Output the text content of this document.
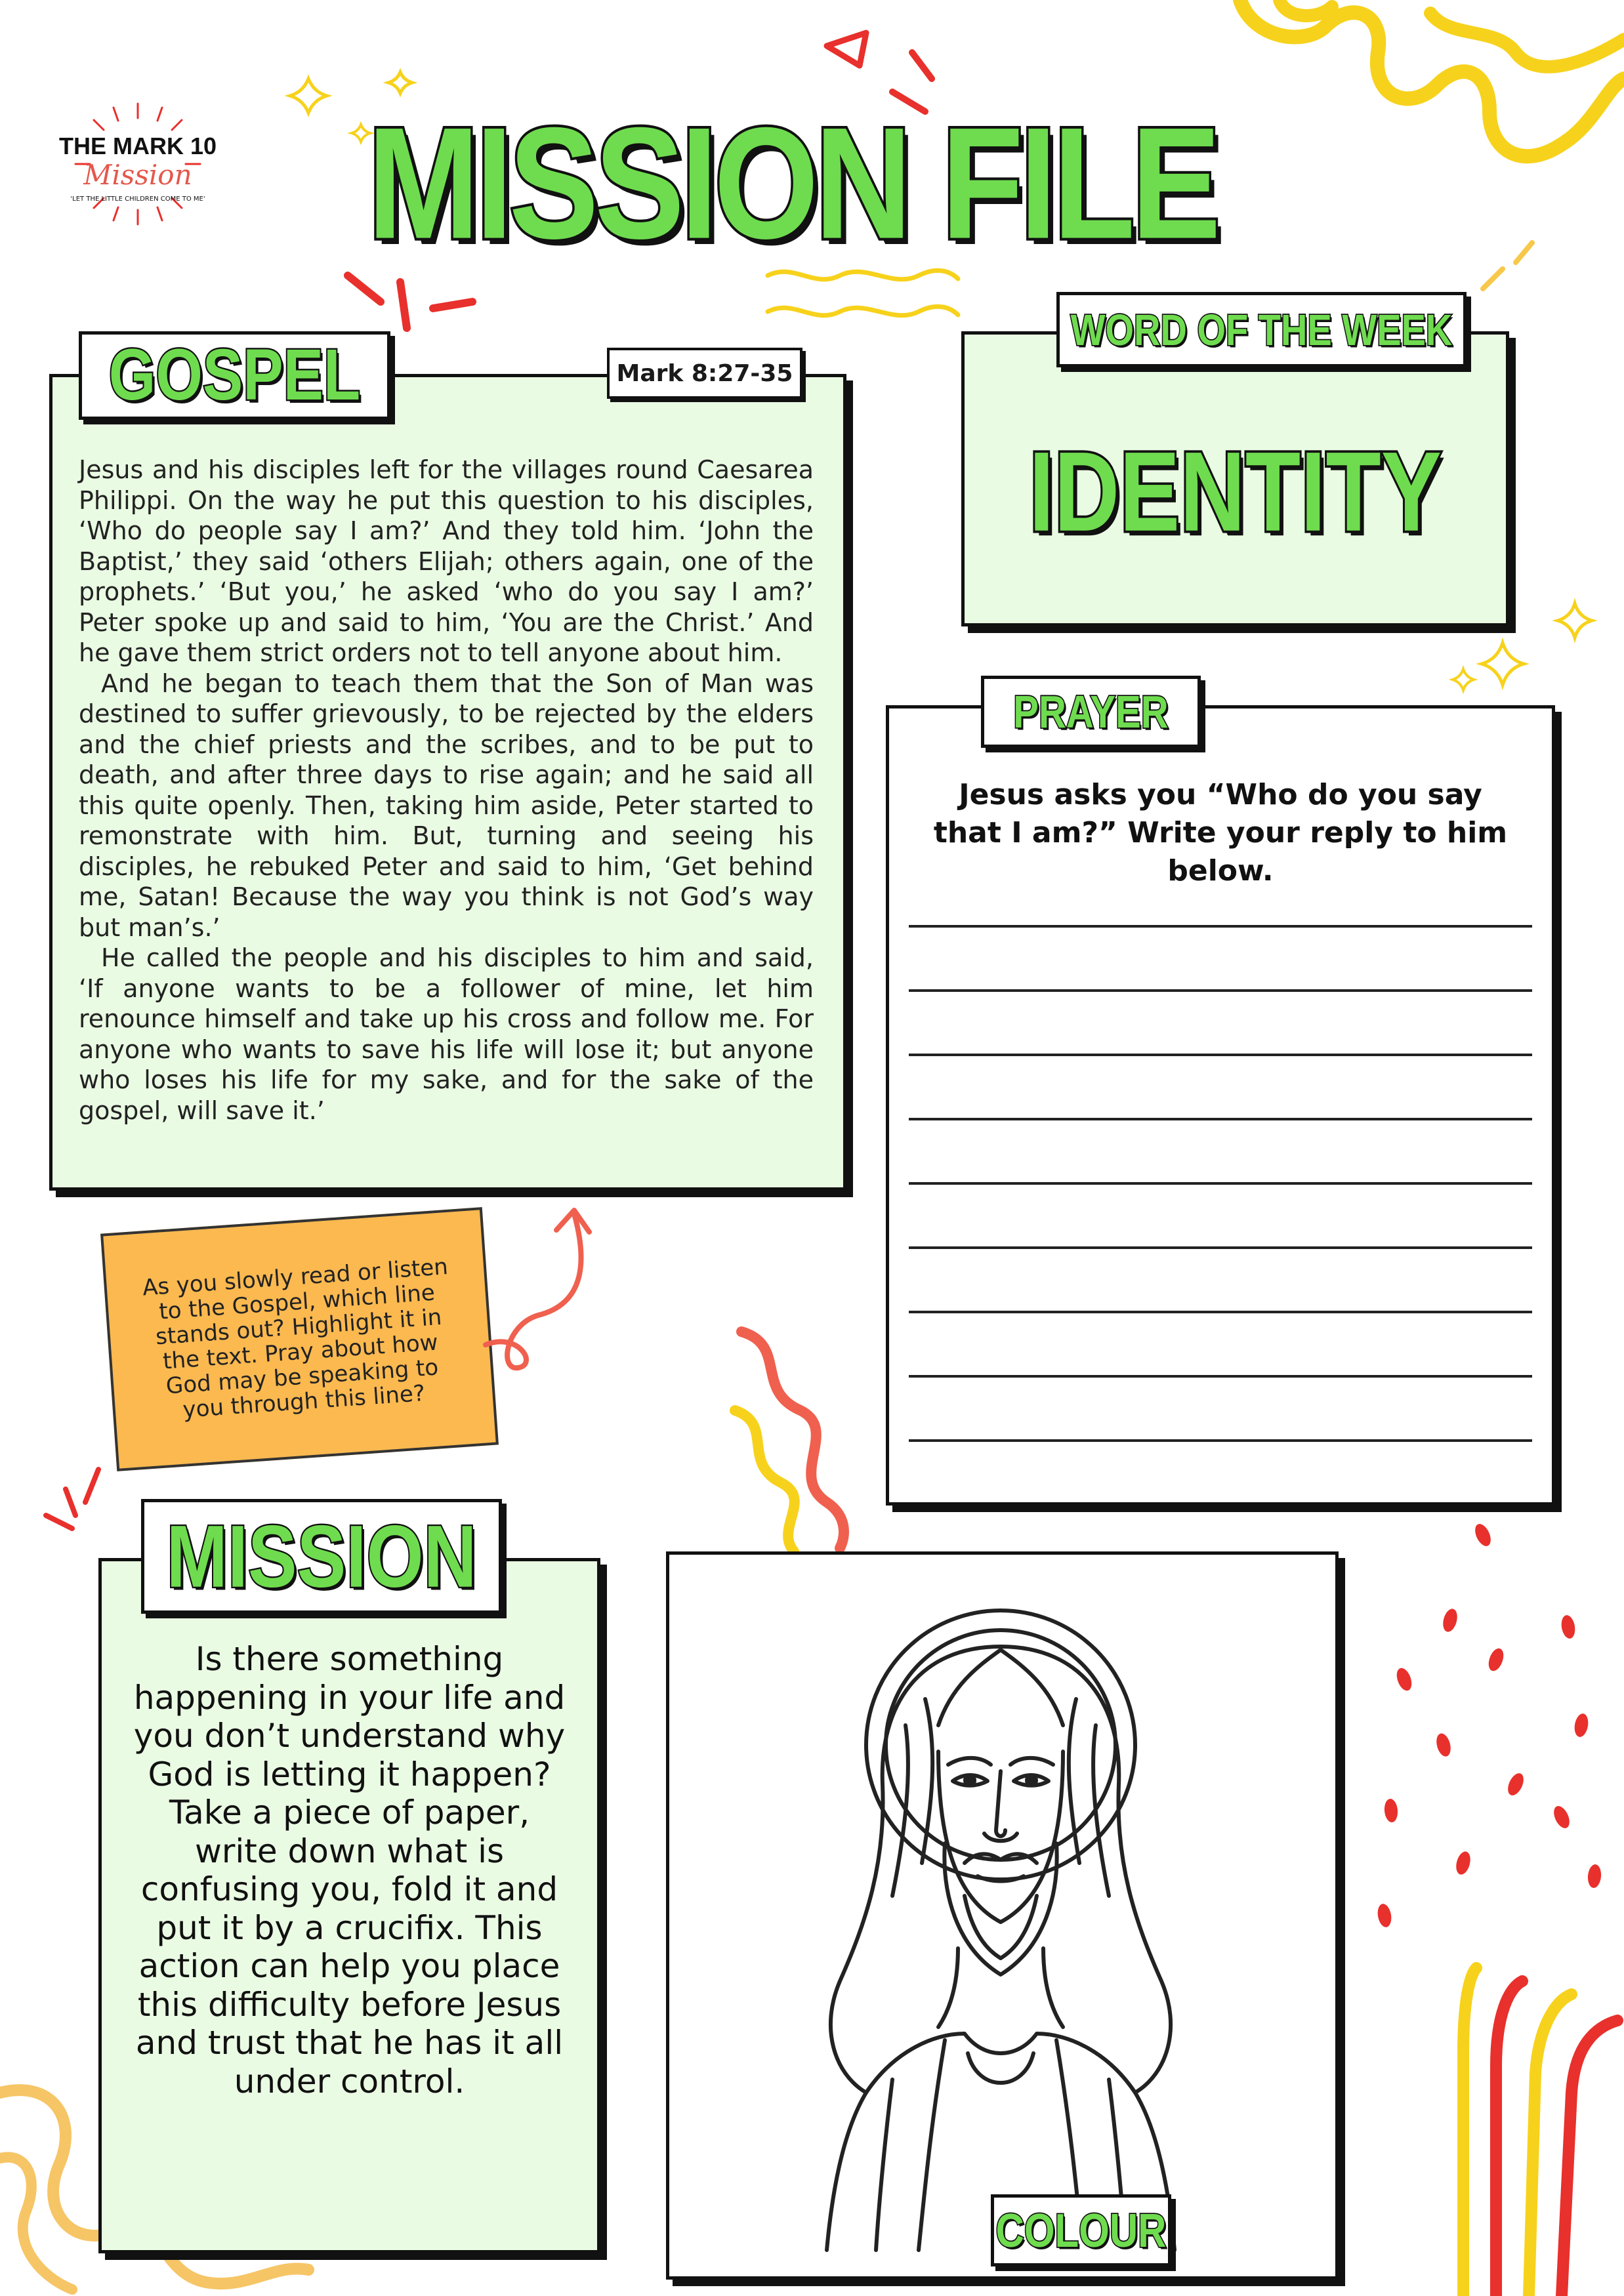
THE MARK 10
Mission
'LET THE LITTLE CHILDREN COME TO ME' MISSION FILE

Jesus and his disciples left for the villages round Caesarea Philippi. On the way he put this question to his disciples, ‘Who do people say I am?’ And they told him. ‘John the Baptist,’ they said ‘others Elijah; others again, one of the prophets.’ ‘But you,’ he asked ‘who do you say I am?’ Peter spoke up and said to him, ‘You are the Christ.’ And he gave them strict orders not to tell anyone about him.

And he began to teach them that the Son of Man was destined to suffer grievously, to be rejected by the elders and the chief priests and the scribes, and to be put to death, and after three days to rise again; and he said all this quite openly. Then, taking him aside, Peter started to remonstrate with him. But, turning and seeing his disciples, he rebuked Peter and said to him, ‘Get behind me, Satan! Because the way you think is not God’s way but man’s.’

He called the people and his disciples to him and said, ‘If anyone wants to be a follower of mine, let him renounce himself and take up his cross and follow me. For anyone who wants to save his life will lose it; but anyone who loses his life for my sake, and for the sake of the gospel, will save it.’

GOSPEL	Mark 8:27-35
IDENTITY
WORD OF THE WEEK
Jesus asks you “Who do you say that I am?” Write your reply to him below.
PRAYER
As you slowly read or listen to the Gospel, which line stands out? Highlight it in the text. Pray about how God may be speaking to you through this line?
Is there something happening in your life and you don’t understand why God is letting it happen? Take a piece of paper, write down what is confusing you, fold it and put it by a crucifix. This action can help you place this difficulty before Jesus and trust that he has it all under control.
MISSION
COLOUR
